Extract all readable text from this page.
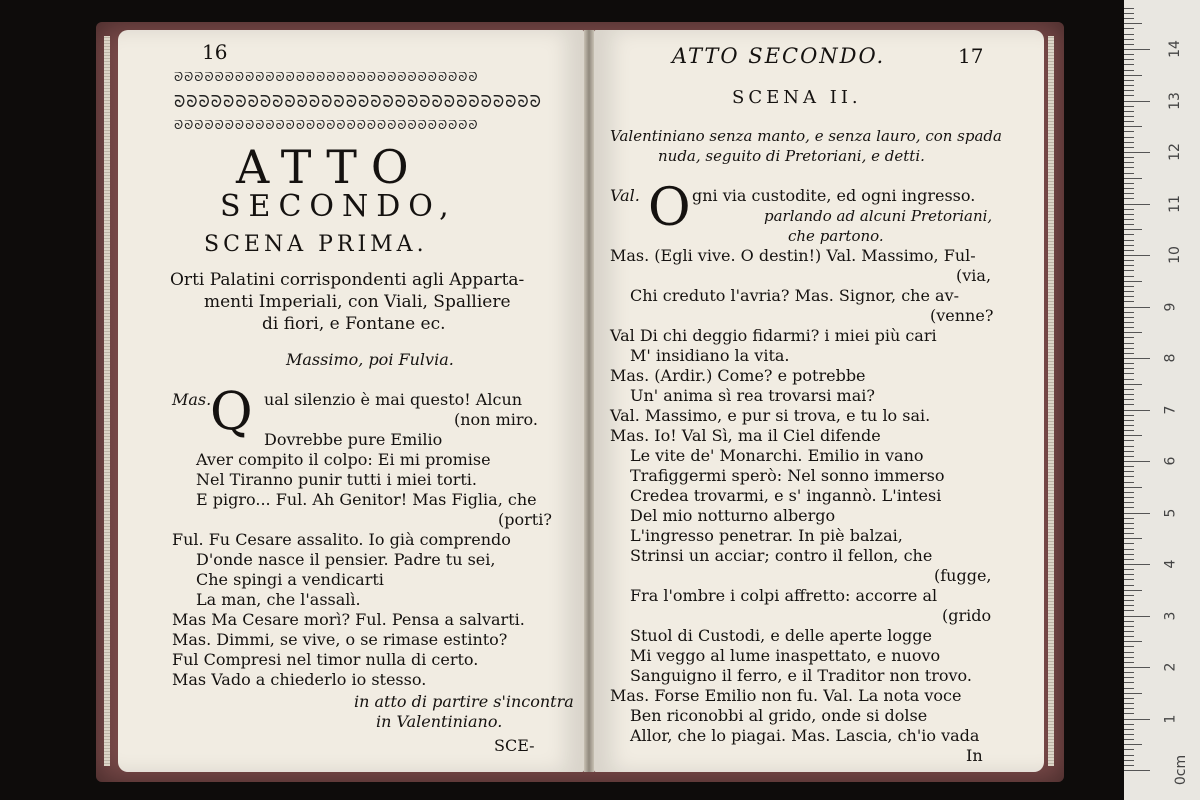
16
ᘐᘐᘐᘐᘐᘐᘐᘐᘐᘐᘐᘐᘐᘐᘐᘐᘐᘐᘐᘐᘐᘐᘐᘐᘐᘐᘐᘐᘐᘐ
ᘐᘐᘐᘐᘐᘐᘐᘐᘐᘐᘐᘐᘐᘐᘐᘐᘐᘐᘐᘐᘐᘐᘐᘐᘐᘐᘐᘐᘐᘐ
ᘐᘐᘐᘐᘐᘐᘐᘐᘐᘐᘐᘐᘐᘐᘐᘐᘐᘐᘐᘐᘐᘐᘐᘐᘐᘐᘐᘐᘐᘐ
ATTO
SECONDO,
SCENA PRIMA.
Orti Palatini corrispondenti agli Apparta-
menti Imperiali, con Viali, Spalliere
di fiori, e Fontane ec.
Massimo, poi Fulvia.
Mas.
Q ual silenzio è mai questo! Alcun
(non miro.
Dovrebbe pure Emilio
Aver compito il colpo: Ei mi promise
Nel Tiranno punir tutti i miei torti.
E pigro... Ful. Ah Genitor! Mas Figlia, che
(porti?
Ful. Fu Cesare assalito. Io già comprendo
D'onde nasce il pensier. Padre tu sei,
Che spingi a vendicarti
La man, che l'assalì.
Mas Ma Cesare morì? Ful. Pensa a salvarti.
Mas. Dimmi, se vive, o se rimase estinto?
Ful Compresi nel timor nulla di certo.
Mas Vado a chiederlo io stesso.
in atto di partire s'incontra
in Valentiniano.
SCE-
ATTO SECONDO.	17
SCENA II.
Valentiniano senza manto, e senza lauro, con spada
nuda, seguito di Pretoriani, e detti.
Val. O gni via custodite, ed ogni ingresso.
parlando ad alcuni Pretoriani,
che partono.
Mas. (Egli vive. O destin!) Val. Massimo, Ful-
(via,
Chi creduto l'avria? Mas. Signor, che av-
(venne?
Val Di chi deggio fidarmi? i miei più cari
M' insidiano la vita.
Mas. (Ardir.) Come? e potrebbe
Un' anima sì rea trovarsi mai?
Val. Massimo, e pur si trova, e tu lo sai.
Mas. Io! Val Sì, ma il Ciel difende
Le vite de' Monarchi. Emilio in vano
Trafiggermi sperò: Nel sonno immerso
Credea trovarmi, e s' ingannò. L'intesi
Del mio notturno albergo
L'ingresso penetrar. In piè balzai,
Strinsi un acciar; contro il fellon, che
(fugge,
Fra l'ombre i colpi affretto: accorre al
(grido
Stuol di Custodi, e delle aperte logge
Mi veggo al lume inaspettato, e nuovo
Sanguigno il ferro, e il Traditor non trovo.
Mas. Forse Emilio non fu. Val. La nota voce
Ben riconobbi al grido, onde si dolse
Allor, che lo piagai. Mas. Lascia, ch'io vada
In	0cm
1
2
3
4
5
6
7
8
9
10
11
12
13
14
